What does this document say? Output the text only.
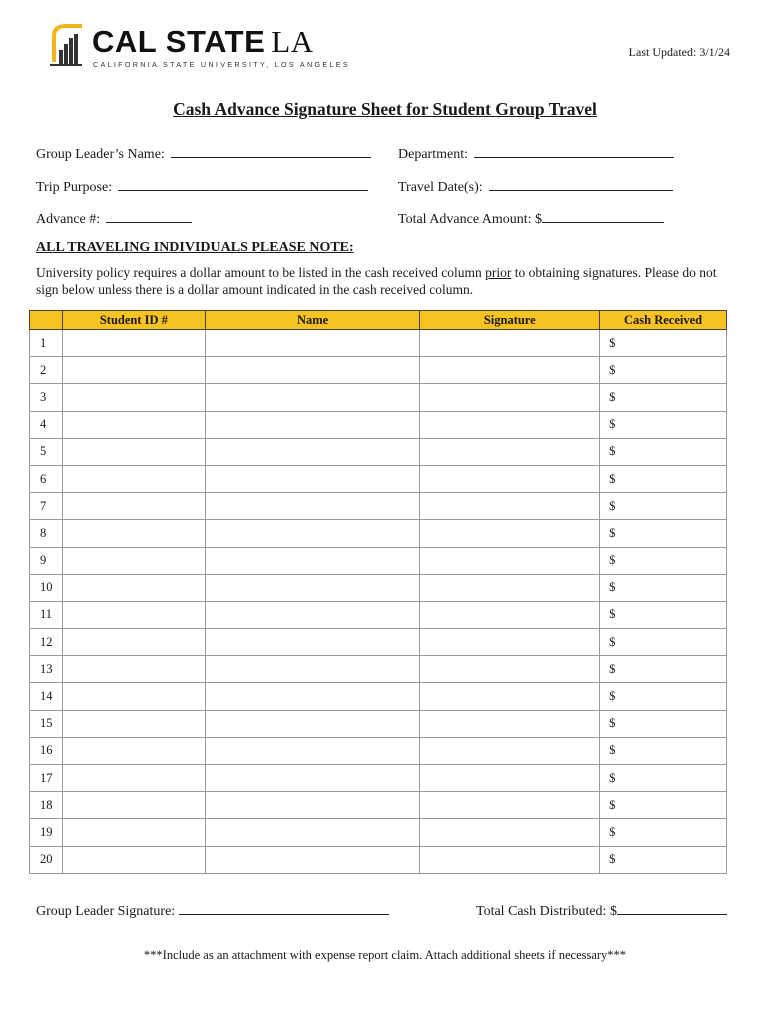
CAL STATE LA
CALIFORNIA STATE UNIVERSITY, LOS ANGELES
Last Updated: 3/1/24
Cash Advance Signature Sheet for Student Group Travel
Group Leader’s Name:	Department:
Trip Purpose:	Travel Date(s):
Advance #:	Total Advance Amount: $
ALL TRAVELING INDIVIDUALS PLEASE NOTE:
University policy requires a dollar amount to be listed in the cash received column prior to obtaining signatures. Please do not sign below unless there is a dollar amount indicated in the cash received column.
	Student ID #	Name	Signature	Cash Received
1				$
2				$
3				$
4				$
5				$
6				$
7				$
8				$
9				$
10				$
11				$
12				$
13				$
14				$
15				$
16				$
17				$
18				$
19				$
20				$
Group Leader Signature:	Total Cash Distributed: $
***Include as an attachment with expense report claim. Attach additional sheets if necessary***
